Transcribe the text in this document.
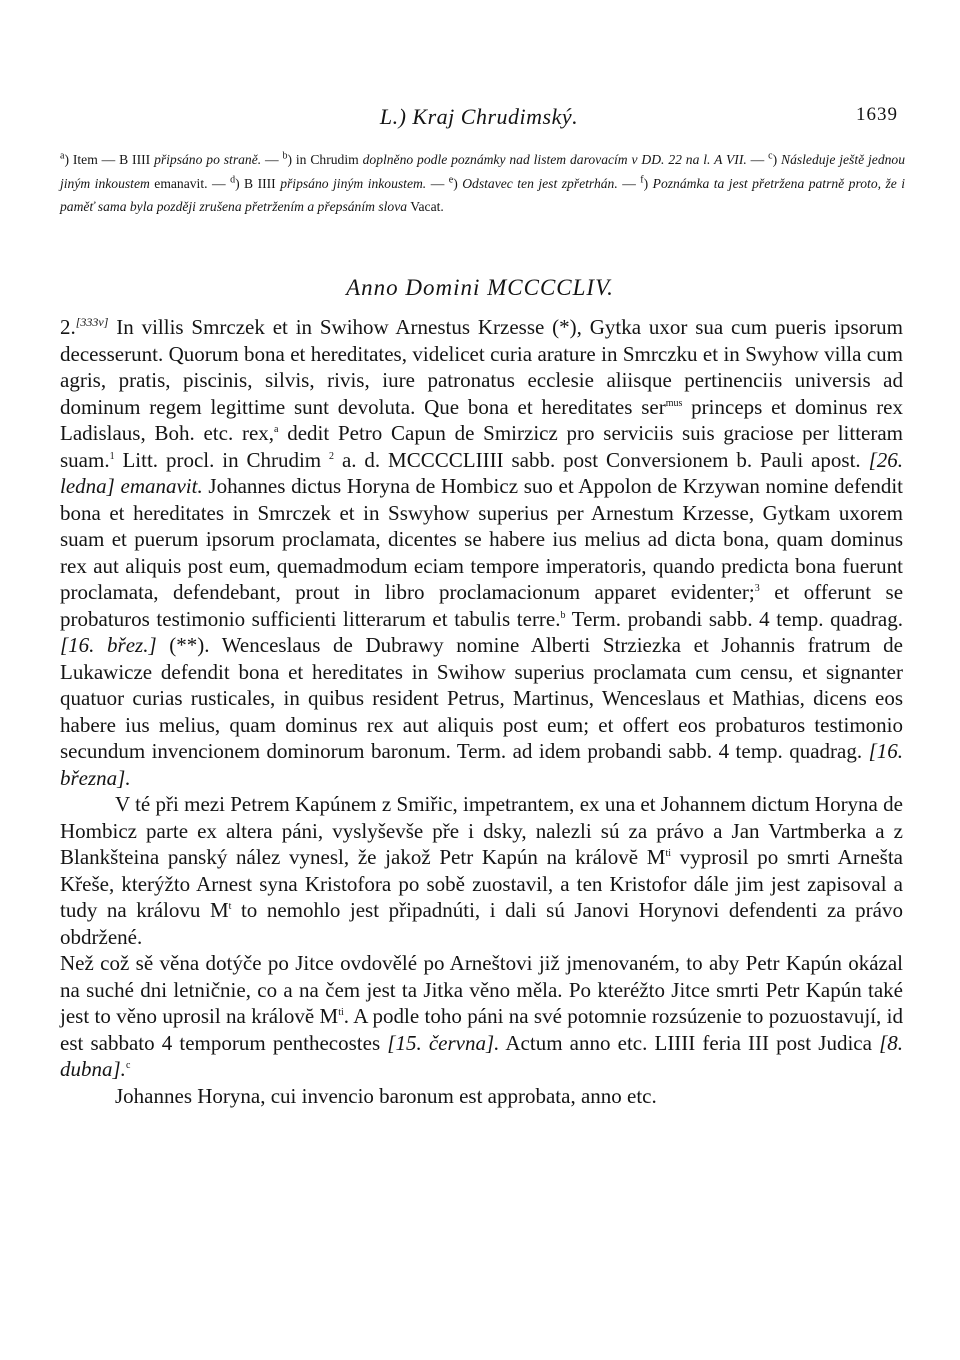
L.) Kraj Chrudimský.	1639

$^a$) Item — B IIII připsáno po straně. — $^b$) in Chrudim doplněno podle poznámky nad listem darovacím v DD. 22 na l. A VII. — $^c$) Následuje ještě jednou jiným inkoustem emanavit. — $^d$) B IIII připsáno jiným inkoustem. — $^e$) Odstavec ten jest zpřetrhán. — $^f$) Poznámka ta jest přetržena patrně proto, že i paměť sama byla později zrušena přetržením a přepsáním slova Vacat.

Anno Domini MCCCCLIV.

2.[333v] In villis Smrczek et in Swihow Arnestus Krzesse (*), Gytka uxor sua cum pueris ipsorum decesserunt. Quorum bona et hereditates, videlicet curia arature in Smrczku et in Swyhow villa cum agris, pratis, piscinis, silvis, rivis, iure patronatus ecclesie aliisque pertinenciis universis ad dominum regem legittime sunt devoluta. Que bona et hereditates ser$^{mus}$ princeps et dominus rex Ladislaus, Boh. etc. rex,$^a$ dedit Petro Capun de Smirzicz pro serviciis suis graciose per litteram suam.$^1$ Litt. procl. in Chrudim $^2$ a. d. MCCCCLIIII sabb. post Conversionem b. Pauli apost. [26. ledna] emanavit. Johannes dictus Horyna de Hombicz suo et Appolon de Krzywan nomine defendit bona et hereditates in Smrczek et in Sswyhow superius per Arnestum Krzesse, Gytkam uxorem suam et puerum ipsorum proclamata, dicentes se habere ius melius ad dicta bona, quam dominus rex aut aliquis post eum, quemadmodum eciam tempore imperatoris, quando predicta bona fuerunt proclamata, defendebant, prout in libro proclamacionum apparet evidenter;$^3$ et offerunt se probaturos testimonio sufficienti litterarum et tabulis terre.$^b$ Term. probandi sabb. 4 temp. quadrag. [16. břez.] (**). Wenceslaus de Dubrawy nomine Alberti Strziezka et Johannis fratrum de Lukawicze defendit bona et hereditates in Swihow superius proclamata cum censu, et signanter quatuor curias rusticales, in quibus resident Petrus, Martinus, Wenceslaus et Mathias, dicens eos habere ius melius, quam dominus rex aut aliquis post eum; et offert eos probaturos testimonio secundum invencionem dominorum baronum. Term. ad idem probandi sabb. 4 temp. quadrag. [16. března].

V té při mezi Petrem Kapúnem z Smiřic, impetrantem, ex una et Johannem dictum Horyna de Hombicz parte ex altera páni, vyslyševše pře i dsky, nalezli sú za právo a Jan Vartmberka a z Blankšteina panský nález vynesl, že jakož Petr Kapún na královĕ $M^{ti}$ vyprosil po smrti Arnešta Křeše, kterýžto Arnest syna Kristofora po sobě zuostavil, a ten Kristofor dále jim jest zapisoval a tudy na královu $M^t$ to nemohlo jest připadnúti, i dali sú Janovi Horynovi defendenti za právo obdržené.

Než což sě věna dotýče po Jitce ovdovělé po Arneštovi již jmenovaném, to aby Petr Kapún okázal na suché dni letničnie, co a na čem jest ta Jitka věno měla. Po kteréžto Jitce smrti Petr Kapún také jest to věno uprosil na královĕ $M^{ti}$. A podle toho páni na své potomnie rozsúzenie to pozuostavují, id est sabbato 4 temporum penthecostes [15. června]. Actum anno etc. LIIII feria III post Judica [8. dubna].$^c$

Johannes Horyna, cui invencio baronum est approbata, anno etc.
